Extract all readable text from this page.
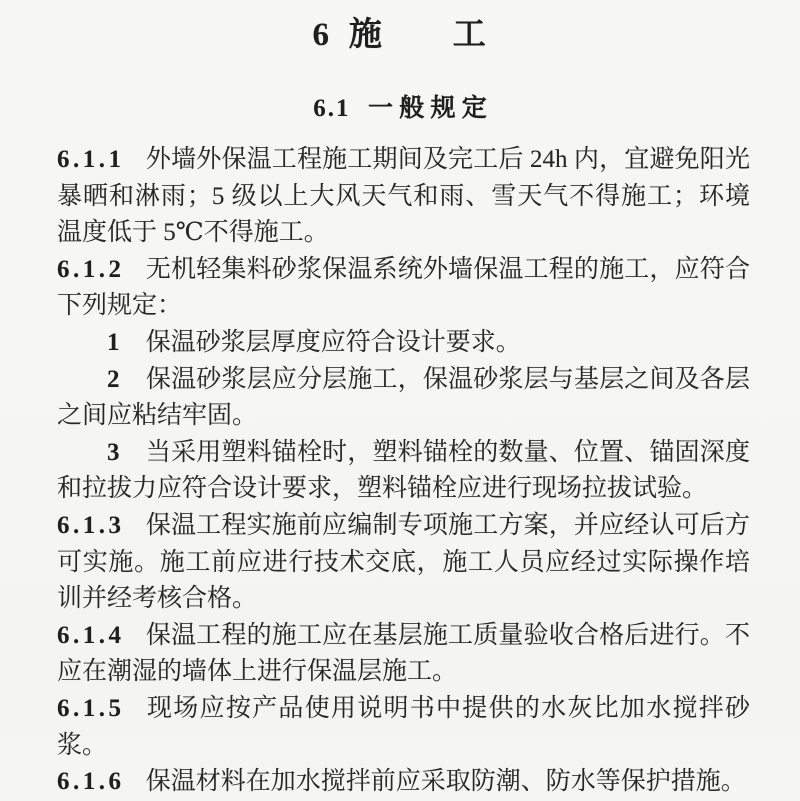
6 施　　工
6.1 一 般 规 定

6.1.1 外墙外保温工程施工期间及完工后 24h 内，宜避免阳光暴晒和淋雨；5 级以上大风天气和雨、雪天气不得施工；环境温度低于 5℃不得施工。

6.1.2 无机轻集料砂浆保温系统外墙保温工程的施工，应符合下列规定：

1 保温砂浆层厚度应符合设计要求。

2 保温砂浆层应分层施工，保温砂浆层与基层之间及各层之间应粘结牢固。

3 当采用塑料锚栓时，塑料锚栓的数量、位置、锚固深度和拉拔力应符合设计要求，塑料锚栓应进行现场拉拔试验。

6.1.3 保温工程实施前应编制专项施工方案，并应经认可后方可实施。施工前应进行技术交底，施工人员应经过实际操作培训并经考核合格。

6.1.4 保温工程的施工应在基层施工质量验收合格后进行。不应在潮湿的墙体上进行保温层施工。

6.1.5 现场应按产品使用说明书中提供的水灰比加水搅拌砂浆。

6.1.6 保温材料在加水搅拌前应采取防潮、防水等保护措施。
